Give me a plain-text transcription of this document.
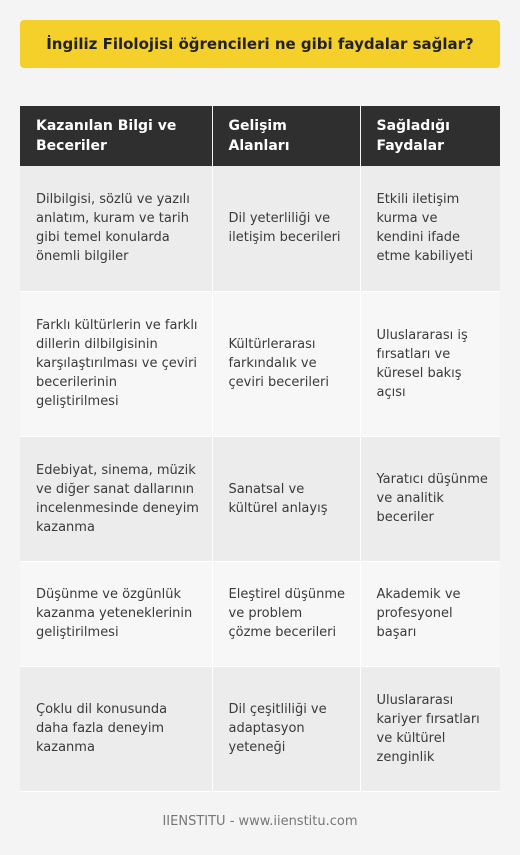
İngiliz Filolojisi öğrencileri ne gibi faydalar sağlar?
Kazanılan Bilgi ve Beceriler	Gelişim Alanları	Sağladığı Faydalar
Dilbilgisi, sözlü ve yazılı anlatım, kuram ve tarih gibi temel konularda önemli bilgiler	Dil yeterliliği ve iletişim becerileri	Etkili iletişim kurma ve kendini ifade etme kabiliyeti
Farklı kültürlerin ve farklı dillerin dilbilgisinin karşılaştırılması ve çeviri becerilerinin geliştirilmesi	Kültürlerarası farkındalık ve çeviri becerileri	Uluslararası iş fırsatları ve küresel bakış açısı
Edebiyat, sinema, müzik ve diğer sanat dallarının incelenmesinde deneyim kazanma	Sanatsal ve kültürel anlayış	Yaratıcı düşünme ve analitik beceriler
Düşünme ve özgünlük kazanma yeteneklerinin geliştirilmesi	Eleştirel düşünme ve problem çözme becerileri	Akademik ve profesyonel başarı
Çoklu dil konusunda daha fazla deneyim kazanma	Dil çeşitliliği ve adaptasyon yeteneği	Uluslararası kariyer fırsatları ve kültürel zenginlik
IIENSTITU - www.iienstitu.com
